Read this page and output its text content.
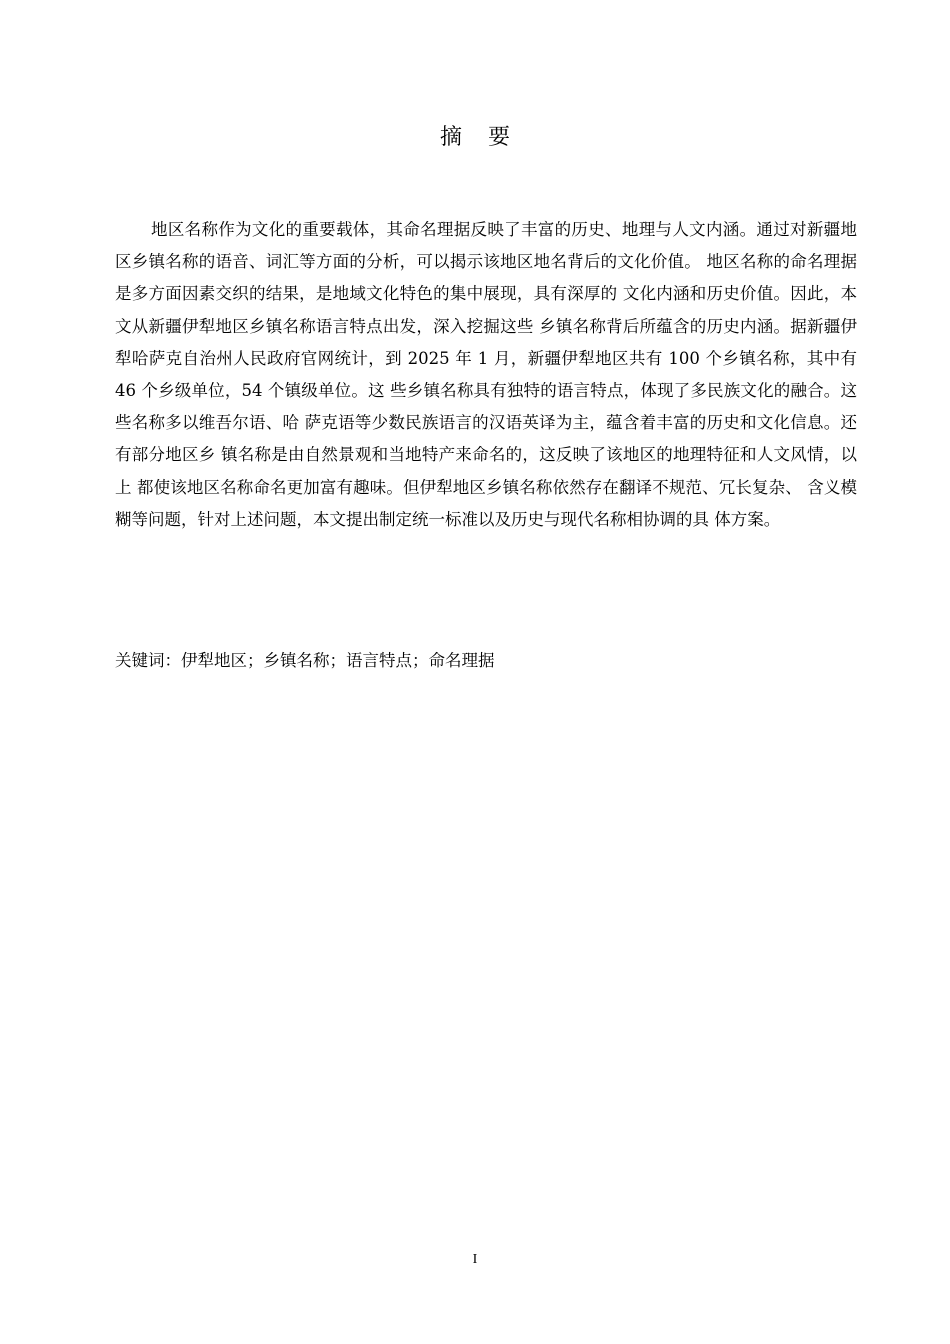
摘要

地区名称作为文化的重要载体，其命名理据反映了丰富的历史、地理与人文内涵。通过对新疆地区乡镇名称的语音、词汇等方面的分析，可以揭示该地区地名背后的文化价值。 地区名称的命名理据是多方面因素交织的结果，是地域文化特色的集中展现，具有深厚的 文化内涵和历史价值。因此，本文从新疆伊犁地区乡镇名称语言特点出发，深入挖掘这些 乡镇名称背后所蕴含的历史内涵。据新疆伊犁哈萨克自治州人民政府官网统计，到 2025 年 1 月，新疆伊犁地区共有 100 个乡镇名称，其中有 46 个乡级单位，54 个镇级单位。这 些乡镇名称具有独特的语言特点，体现了多民族文化的融合。这些名称多以维吾尔语、哈 萨克语等少数民族语言的汉语英译为主，蕴含着丰富的历史和文化信息。还有部分地区乡 镇名称是由自然景观和当地特产来命名的，这反映了该地区的地理特征和人文风情，以上 都使该地区名称命名更加富有趣味。但伊犁地区乡镇名称依然存在翻译不规范、冗长复杂、 含义模糊等问题，针对上述问题，本文提出制定统一标准以及历史与现代名称相协调的具 体方案。

关键词：伊犁地区；乡镇名称；语言特点；命名理据

I
